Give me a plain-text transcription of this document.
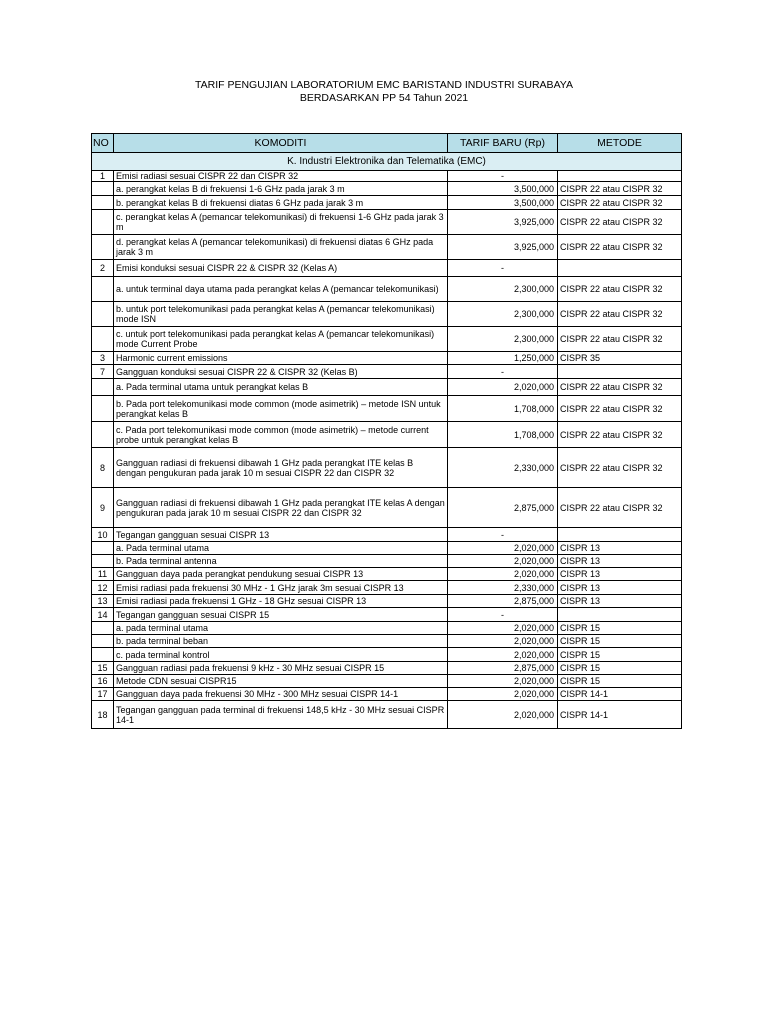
TARIF PENGUJIAN LABORATORIUM EMC BARISTAND INDUSTRI SURABAYA
BERDASARKAN PP 54 Tahun 2021
NO	KOMODITI	TARIF BARU (Rp)	METODE
K. Industri Elektronika dan Telematika (EMC)			
1	Emisi radiasi sesuai CISPR 22 dan CISPR 32	-	
	a. perangkat kelas B di frekuensi 1-6 GHz pada jarak 3 m	3,500,000	CISPR 22 atau CISPR 32
	b. perangkat kelas B di frekuensi diatas 6 GHz pada jarak 3 m	3,500,000	CISPR 22 atau CISPR 32
	c. perangkat kelas A (pemancar telekomunikasi) di frekuensi 1-6 GHz pada jarak 3 m	3,925,000	CISPR 22 atau CISPR 32
	d. perangkat kelas A (pemancar telekomunikasi) di frekuensi diatas 6 GHz pada jarak 3 m	3,925,000	CISPR 22 atau CISPR 32
2	Emisi konduksi sesuai CISPR 22 & CISPR 32 (Kelas A)	-	
	a. untuk terminal daya utama pada perangkat kelas A (pemancar telekomunikasi)	2,300,000	CISPR 22 atau CISPR 32
	b. untuk port telekomunikasi pada perangkat kelas A (pemancar telekomunikasi) mode ISN	2,300,000	CISPR 22 atau CISPR 32
	c. untuk port telekomunikasi pada perangkat kelas A (pemancar telekomunikasi) mode Current Probe	2,300,000	CISPR 22 atau CISPR 32
3	Harmonic current emissions	1,250,000	CISPR 35
7	Gangguan konduksi sesuai CISPR 22 & CISPR 32 (Kelas B)	-	
	a. Pada terminal utama untuk perangkat kelas B	2,020,000	CISPR 22 atau CISPR 32
	b. Pada port telekomunikasi mode common (mode asimetrik) – metode ISN untuk perangkat kelas B	1,708,000	CISPR 22 atau CISPR 32
	c. Pada port telekomunikasi mode common (mode asimetrik) – metode current probe untuk perangkat kelas B	1,708,000	CISPR 22 atau CISPR 32
8	Gangguan radiasi di frekuensi dibawah 1 GHz pada perangkat ITE kelas B dengan pengukuran pada jarak 10 m sesuai CISPR 22 dan CISPR 32	2,330,000	CISPR 22 atau CISPR 32
9	Gangguan radiasi di frekuensi dibawah 1 GHz pada perangkat ITE kelas A dengan pengukuran pada jarak 10 m sesuai CISPR 22 dan CISPR 32	2,875,000	CISPR 22 atau CISPR 32
10	Tegangan gangguan sesuai CISPR 13	-	
	a. Pada terminal utama	2,020,000	CISPR 13
	b. Pada terminal antenna	2,020,000	CISPR 13
11	Gangguan daya pada perangkat pendukung sesuai CISPR 13	2,020,000	CISPR 13
12	Emisi radiasi pada frekuensi 30 MHz - 1 GHz jarak 3m sesuai CISPR 13	2,330,000	CISPR 13
13	Emisi radiasi pada frekuensi 1 GHz - 18 GHz sesuai CISPR 13	2,875,000	CISPR 13
14	Tegangan gangguan sesuai CISPR 15	-	
	a. pada terminal utama	2,020,000	CISPR 15
	b. pada terminal beban	2,020,000	CISPR 15
	c. pada terminal kontrol	2,020,000	CISPR 15
15	Gangguan radiasi pada frekuensi 9 kHz - 30 MHz sesuai CISPR 15	2,875,000	CISPR 15
16	Metode CDN sesuai CISPR15	2,020,000	CISPR 15
17	Gangguan daya pada frekuensi 30 MHz - 300 MHz sesuai CISPR 14-1	2,020,000	CISPR 14-1
18	Tegangan gangguan pada terminal di frekuensi 148,5 kHz - 30 MHz sesuai CISPR 14-1	2,020,000	CISPR 14-1
